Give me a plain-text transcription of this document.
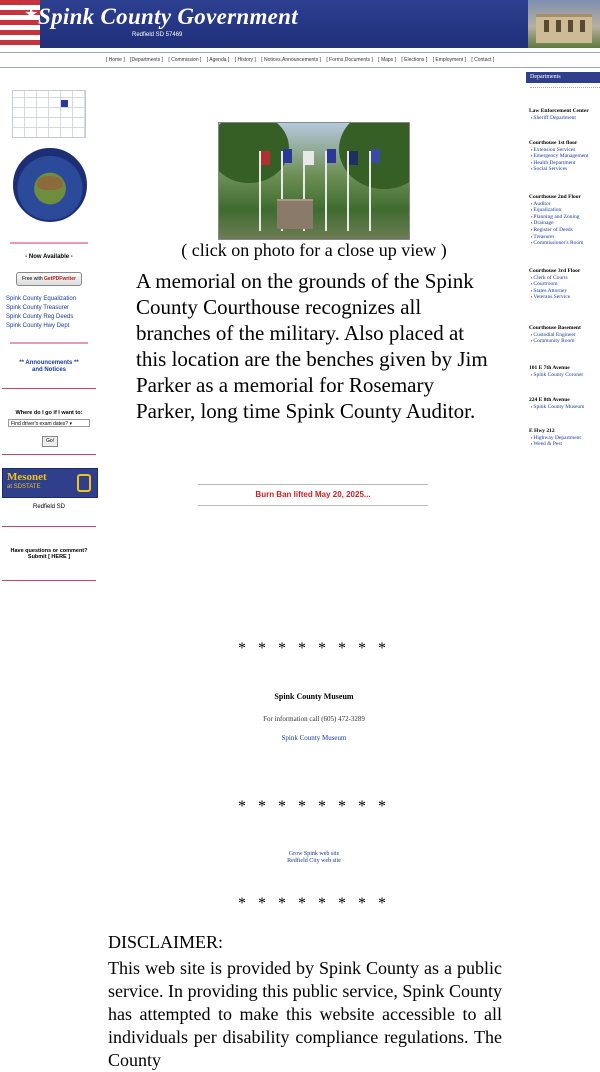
★ Spink County Government
Redfield SD 57469
[ Home ] [Departments ] [ Commission ] [ Agenda ] [ History ] [ Notices,Announcements ] [ Forms,Documents ] [ Maps ] [ Elections ] [ Employment ] [ Contact ]
- Now Available -
Free with GetPDFwriter
Spink County Equalization
Spink County Treasurer
Spink County Reg Deeds
Spink County Hwy Dept
** Announcements **
and Notices
Where do I go if I want to:
Find driver's exam dates? ▾
Go!
Mesonet
at SDSTATE
Redfield SD
Have questions or comment?
Submit [ HERE ]
( click on photo for a close up view )
A memorial on the grounds of the Spink County Courthouse recognizes all branches of the military. Also placed at this location are the benches given by Jim Parker as a memorial for Rosemary Parker, long time Spink County Auditor.
Burn Ban lifted May 20, 2025...
* * * * * * * *
Spink County Museum
For information call (605) 472-3289
Spink County Museum
* * * * * * * *
Grow Spink web site
Redfield City web site
* * * * * * * *
DISCLAIMER:
This web site is provided by Spink County as a public service. In providing this public service, Spink County has attempted to make this website accessible to all individuals per disability compliance regulations. The County
Departments
Law Enforcement Center
▪ Sheriff Department
Courthouse 1st floor
▪ Extension Services
▪ Emergency Management
▪ Health Department
▪ Social Services
Courthouse 2nd Floor
▪ Auditor
▪ Equalization
▪ Planning and Zoning
▪ Drainage
▪ Register of Deeds
▪ Treasurer
▪ Commissioner's Room
Courthouse 3rd Floor
▪ Clerk of Courts
▪ Courtroom
▪ States Attorney
▪ Veterans Service
Courthouse Basement
▪ Custodial Engineer
▪ Community Room
101 E 7th Avenue
▪ Spink County Coroner
224 E 8th Avenue
▪ Spink County Museum
E Hwy 212
▪ Highway Department
▪ Weed & Pest
